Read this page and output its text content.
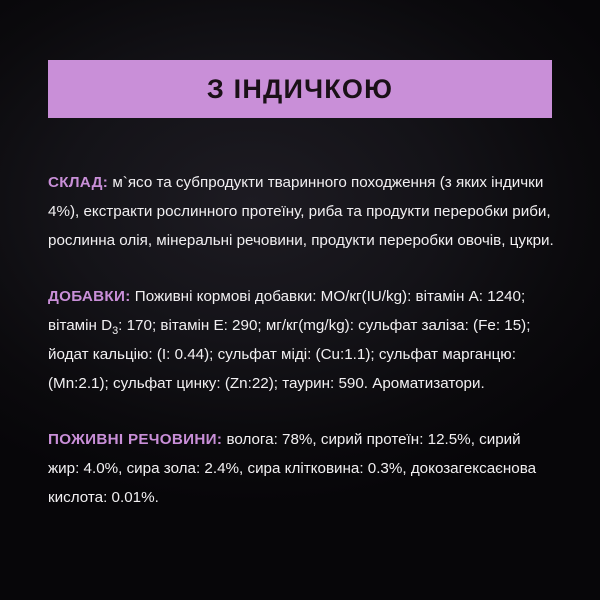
З ІНДИЧКОЮ

СКЛАД: м`ясо та субпродукти тваринного походження (з яких індички 4%), екстракти рослинного протеїну, риба та продукти переробки риби, рослинна олія, мінеральні речовини, продукти переробки овочів, цукри.

ДОБАВКИ: Поживні кормові добавки: МО/кг(IU/kg): вітамін A: 1240; вітамін $D_3$: 170; вітамін E: 290; мг/кг(mg/kg): сульфат заліза: (Fe: 15); йодат кальцію: (I: 0.44); сульфат міді: (Cu:1.1); сульфат марганцю: (Mn:2.1); сульфат цинку: (Zn:22); таурин: 590. Ароматизатори.

ПОЖИВНІ РЕЧОВИНИ: волога: 78%, сирий протеїн: 12.5%, сирий жир: 4.0%, сира зола: 2.4%, сира клітковина: 0.3%, докозагексаєнова кислота: 0.01%.
